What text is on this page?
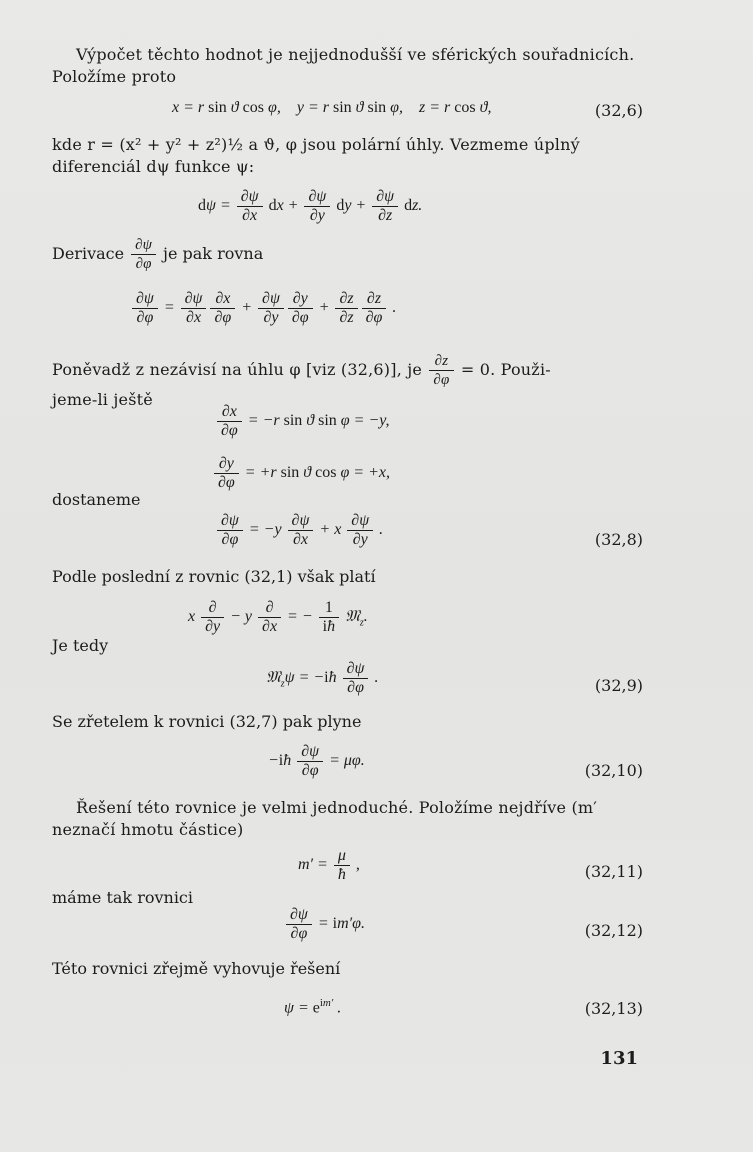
Výpočet těchto hodnot je nejjednodušší ve sférických souřadnicích. Položíme proto

x = r sin ϑ cos φ,    y = r sin ϑ sin φ,    z = r cos ϑ,	(32,6)
kde r = (x² + y² + z²)½ a ϑ, φ jsou polární úhly. Vezmeme úplný
diferenciál dψ funkce ψ:
$d\psi = \frac{\partial\psi}{\partial x}$ dx + $\frac{\partial\psi}{\partial y}$ dy + $\frac{\partial\psi}{\partial z}$ dz.
Derivace $\frac{\partial\psi}{\partial\varphi}$ je pak rovna
$\frac{\partial\psi}{\partial\varphi} = \frac{\partial\psi}{\partial x} \frac{\partial x}{\partial\varphi} + \frac{\partial\psi}{\partial y} \frac{\partial y}{\partial\varphi} + \frac{\partial z}{\partial z} \frac{\partial z}{\partial\varphi}$ .
Poněvadž z nezávisí na úhlu φ [viz (32,6)], je $\frac{\partial z}{\partial\varphi} = 0$. Použi-
jeme-li ještě
$\frac{\partial x}{\partial\varphi} = -r$ sin ϑ sin φ = −y,
$\frac{\partial y}{\partial\varphi} = +r$ sin ϑ cos φ = +x,
dostaneme
$\frac{\partial\psi}{\partial\varphi} = -y \frac{\partial\psi}{\partial x} + x \frac{\partial\psi}{\partial y}$ .
(32,8)
Podle poslední z rovnic (32,1) však platí
x $\frac{\partial}{\partial y} - y \frac{\partial}{\partial x}$ = − $\frac{1}{iħ}$ 𝔐$_z$.
Je tedy
𝔐$_z$ψ = −iħ $\frac{\partial\psi}{\partial\varphi}$ .	(32,9)
Se zřetelem k rovnici (32,7) pak plyne
−iħ $\frac{\partial\psi}{\partial\varphi} = \mu\varphi$.
(32,10)

Řešení této rovnice je velmi jednoduché. Položíme nejdříve (m′ neznačí hmotu částice)

$m' = \frac{\mu}{ħ}$ ,	(32,11)
máme tak rovnici
$\frac{\partial\psi}{\partial\varphi} = im'\varphi$.	(32,12)
Této rovnici zřejmě vyhovuje řešení
$\psi = e^{im'}$ .	(32,13)
131
